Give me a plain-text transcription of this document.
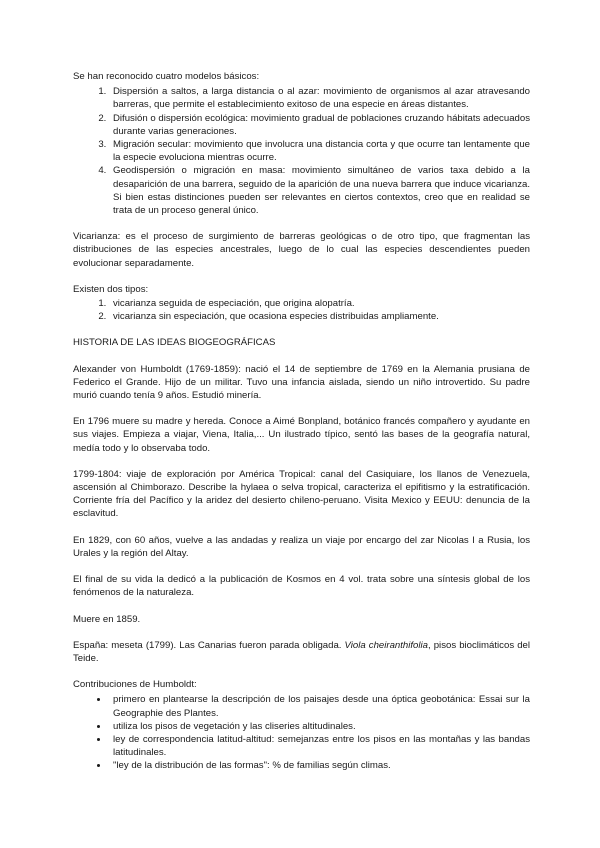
Se han reconocido cuatro modelos básicos:

1. Dispersión a saltos, a larga distancia o al azar: movimiento de organismos al azar atravesando barreras, que permite el establecimiento exitoso de una especie en áreas distantes.
2. Difusión o dispersión ecológica: movimiento gradual de poblaciones cruzando hábitats adecuados durante varias generaciones.
3. Migración secular: movimiento que involucra una distancia corta y que ocurre tan lentamente que la especie evoluciona mientras ocurre.
4. Geodispersión o migración en masa: movimiento simultáneo de varios taxa debido a la desaparición de una barrera, seguido de la aparición de una nueva barrera que induce vicarianza. Si bien estas distinciones pueden ser relevantes en ciertos contextos, creo que en realidad se trata de un proceso general único.

Vicarianza: es el proceso de surgimiento de barreras geológicas o de otro tipo, que fragmentan las distribuciones de las especies ancestrales, luego de lo cual las especies descendientes pueden evolucionar separadamente.

Existen dos tipos:

1. vicarianza seguida de especiación, que origina alopatría.
2. vicarianza sin especiación, que ocasiona especies distribuidas ampliamente.

HISTORIA DE LAS IDEAS BIOGEOGRÁFICAS

Alexander von Humboldt (1769-1859): nació el 14 de septiembre de 1769 en la Alemania prusiana de Federico el Grande. Hijo de un militar. Tuvo una infancia aislada, siendo un niño introvertido. Su padre murió cuando tenía 9 años. Estudió minería.

En 1796 muere su madre y hereda. Conoce a Aimé Bonpland, botánico francés compañero y ayudante en sus viajes. Empieza a viajar, Viena, Italia,... Un ilustrado típico, sentó las bases de la geografía natural, medía todo y lo observaba todo.

1799-1804: viaje de exploración por América Tropical: canal del Casiquiare, los llanos de Venezuela, ascensión al Chimborazo. Describe la hylaea o selva tropical, caracteriza el epifitismo y la estratificación. Corriente fría del Pacífico y la aridez del desierto chileno-peruano. Visita Mexico y EEUU: denuncia de la esclavitud.

En 1829, con 60 años, vuelve a las andadas y realiza un viaje por encargo del zar Nicolas I a Rusia, los Urales y la región del Altay.

El final de su vida la dedicó a la publicación de Kosmos en 4 vol. trata sobre una síntesis global de los fenómenos de la naturaleza.

Muere en 1859.

España: meseta (1799). Las Canarias fueron parada obligada. Viola cheiranthifolia, pisos bioclimáticos del Teide.

Contribuciones de Humboldt:

• primero en plantearse la descripción de los paisajes desde una óptica geobotánica: Essai sur la Geographie des Plantes.
• utiliza los pisos de vegetación y las cliseries altitudinales.
• ley de correspondencia latitud-altitud: semejanzas entre los pisos en las montañas y las bandas latitudinales.
• "ley de la distribución de las formas": % de familias según climas.
